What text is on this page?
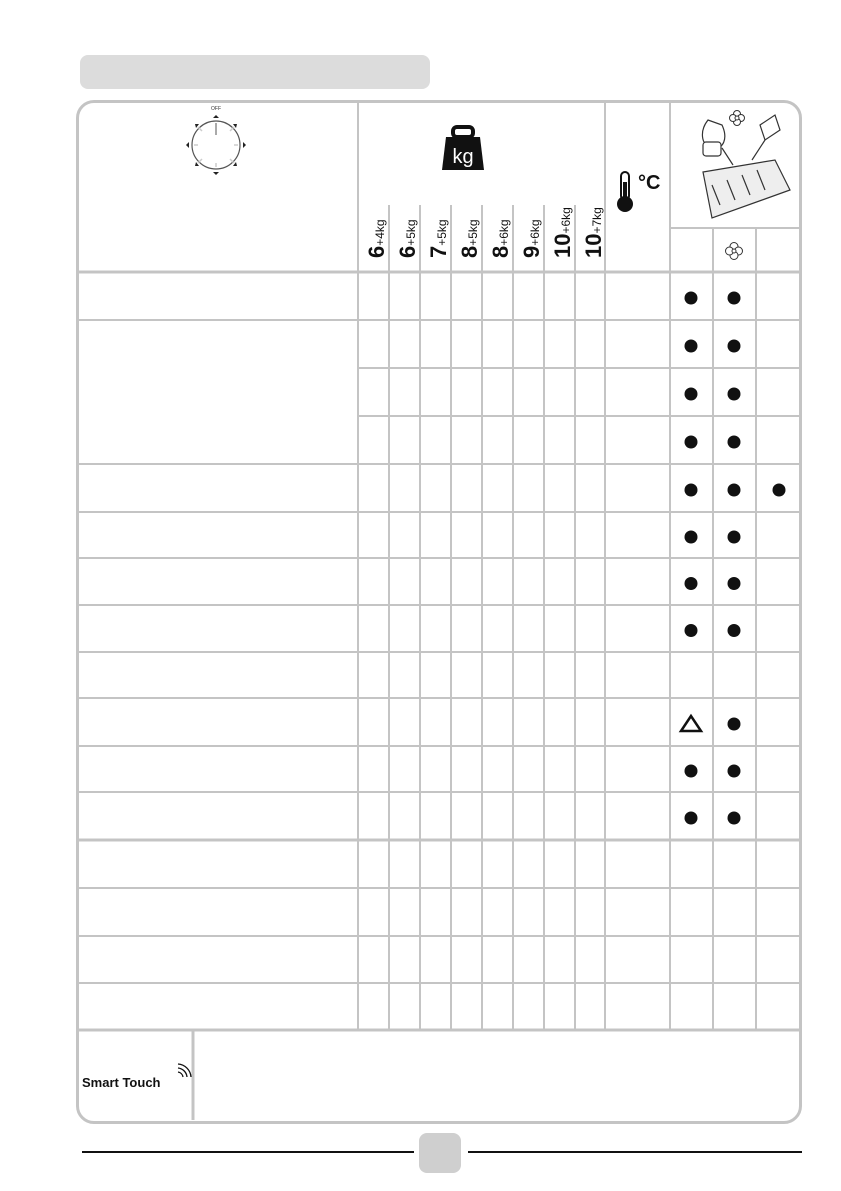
OFF
kg
6+4kg
6+5kg
7+5kg
8+5kg
8+6kg
9+6kg
10+6kg
10+7kg
°C
Smart Touch
